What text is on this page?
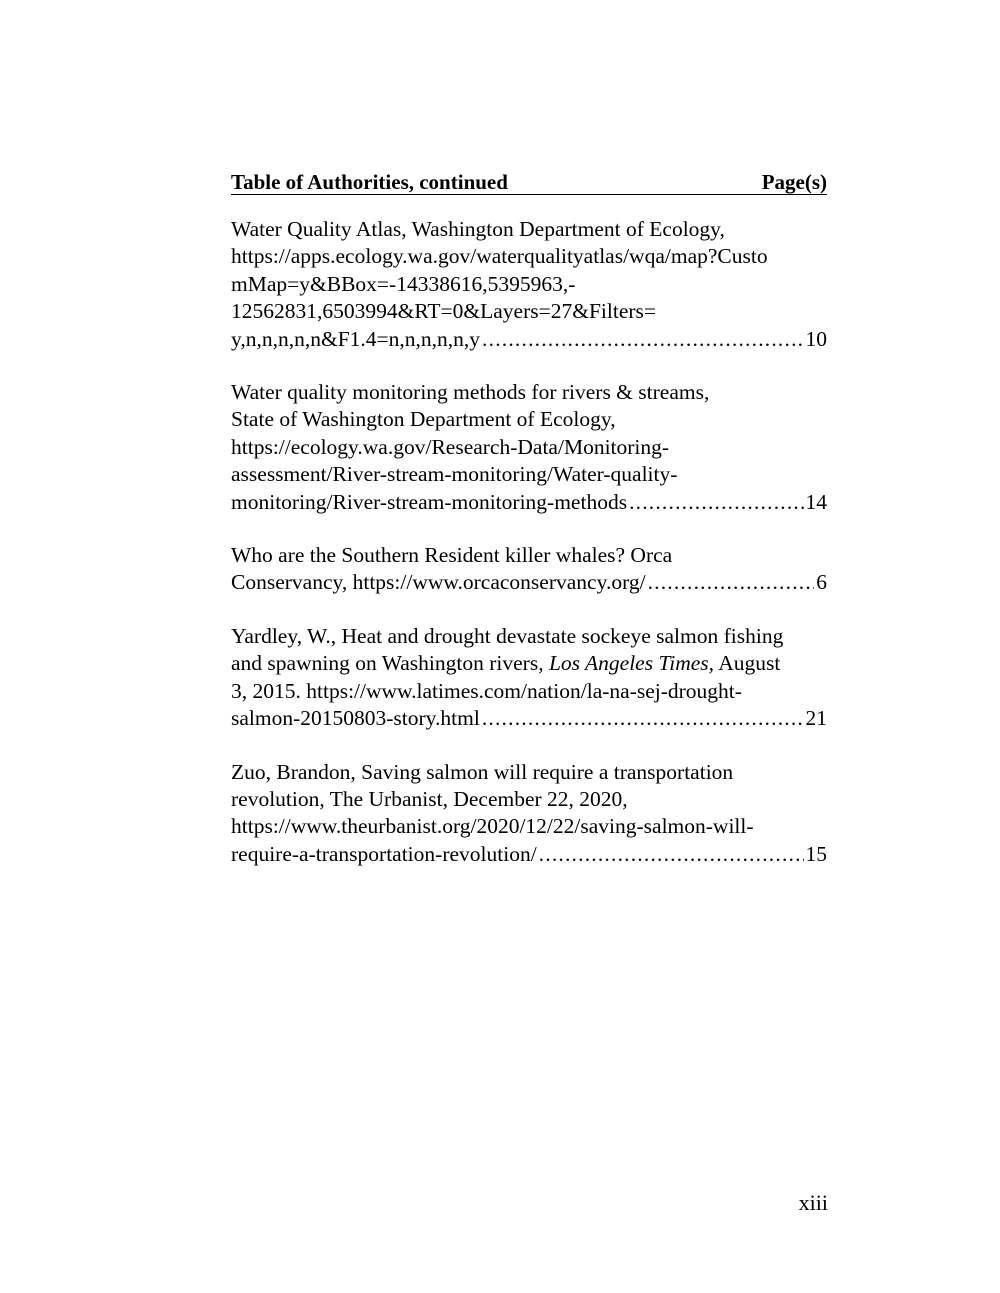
Table of Authorities, continued	Page(s)
Water Quality Atlas, Washington Department of Ecology,
https://apps.ecology.wa.gov/waterqualityatlas/wqa/map?Custo
mMap=y&BBox=-14338616,5395963,-
12562831,6503994&RT=0&Layers=27&Filters=
y,n,n,n,n,n&F1.4=n,n,n,n,n,y .....	10
Water quality monitoring methods for rivers & streams,
State of Washington Department of Ecology,
https://ecology.wa.gov/Research-Data/Monitoring-
assessment/River-stream-monitoring/Water-quality-
monitoring/River-stream-monitoring-methods .....	14
Who are the Southern Resident killer whales? Orca
Conservancy, https://www.orcaconservancy.org/ .....	6
Yardley, W., Heat and drought devastate sockeye salmon fishing
and spawning on Washington rivers, Los Angeles Times, August
3, 2015. https://www.latimes.com/nation/la-na-sej-drought-
salmon-20150803-story.html .....	21
Zuo, Brandon, Saving salmon will require a transportation
revolution, The Urbanist, December 22, 2020,
https://www.theurbanist.org/2020/12/22/saving-salmon-will-
require-a-transportation-revolution/ .....	15
xiii
